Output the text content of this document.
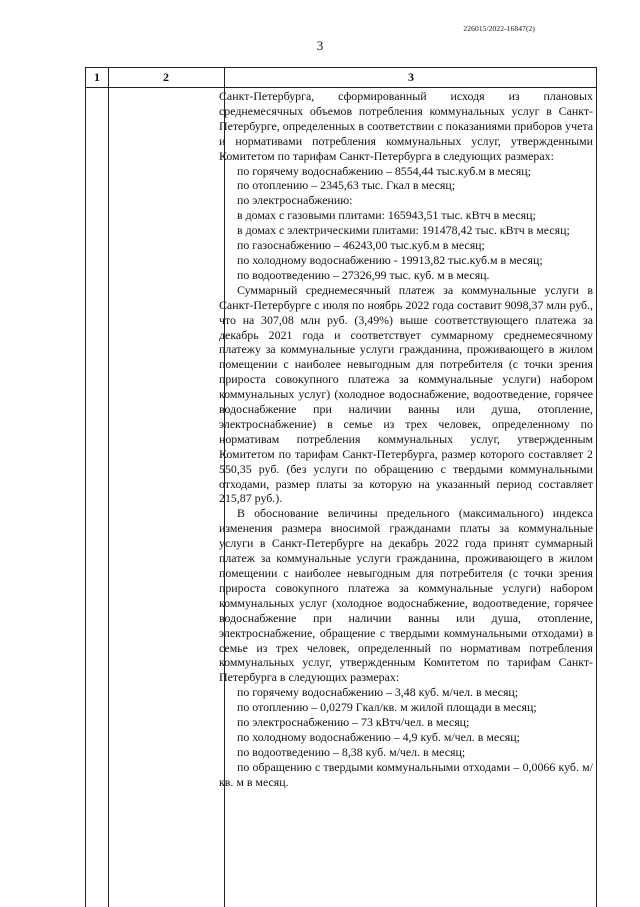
226015/2022-16847(2)
3
1	2	3

Санкт-Петербурга, сформированный исходя из плановых среднемесячных объемов потребления коммунальных услуг в Санкт-Петербурге, определенных в соответствии с показаниями приборов учета и нормативами потребления коммунальных услуг, утвержденными Комитетом по тарифам Санкт-Петербурга в следующих размерах:

по горячему водоснабжению – 8554,44 тыс.куб.м в месяц;

по отоплению – 2345,63 тыс. Гкал в месяц;

по электроснабжению:

в домах с газовыми плитами: 165943,51 тыс. кВтч в месяц;

в домах с электрическими плитами: 191478,42 тыс. кВтч в месяц;

по газоснабжению – 46243,00 тыс.куб.м в месяц;

по холодному водоснабжению - 19913,82 тыс.куб.м в месяц;

по водоотведению – 27326,99 тыс. куб. м в месяц.

Суммарный среднемесячный платеж за коммунальные услуги в Санкт-Петербурге с июля по ноябрь 2022 года составит 9098,37 млн руб., что на 307,08 млн руб. (3,49%) выше соответствующего платежа за декабрь 2021 года и соответствует суммарному среднемесячному платежу за коммунальные услуги гражданина, проживающего в жилом помещении с наиболее невыгодным для потребителя (с точки зрения прироста совокупного платежа за коммунальные услуги) набором коммунальных услуг) (холодное водоснабжение, водоотведение, горячее водоснабжение при наличии ванны или душа, отопление, электроснабжение) в семье из трех человек, определенному по нормативам потребления коммунальных услуг, утвержденным Комитетом по тарифам Санкт-Петербурга, размер которого составляет 2 550,35 руб. (без услуги по обращению с твердыми коммунальными отходами, размер платы за которую на указанный период составляет 215,87 руб.).

В обоснование величины предельного (максимального) индекса изменения размера вносимой гражданами платы за коммунальные услуги в Санкт-Петербурге на декабрь 2022 года принят суммарный платеж за коммунальные услуги гражданина, проживающего в жилом помещении с наиболее невыгодным для потребителя (с точки зрения прироста совокупного платежа за коммунальные услуги) набором коммунальных услуг (холодное водоснабжение, водоотведение, горячее водоснабжение при наличии ванны или душа, отопление, электроснабжение, обращение с твердыми коммунальными отходами) в семье из трех человек, определенный по нормативам потребления коммунальных услуг, утвержденным Комитетом по тарифам Санкт-Петербурга в следующих размерах:

по горячему водоснабжению – 3,48 куб. м/чел. в месяц;

по отоплению – 0,0279 Гкал/кв. м жилой площади в месяц;

по электроснабжению – 73 кВтч/чел. в месяц;

по холодному водоснабжению – 4,9 куб. м/чел. в месяц;

по водоотведению – 8,38 куб. м/чел. в месяц;

по обращению с твердыми коммунальными отходами – 0,0066 куб. м/кв. м в месяц.
